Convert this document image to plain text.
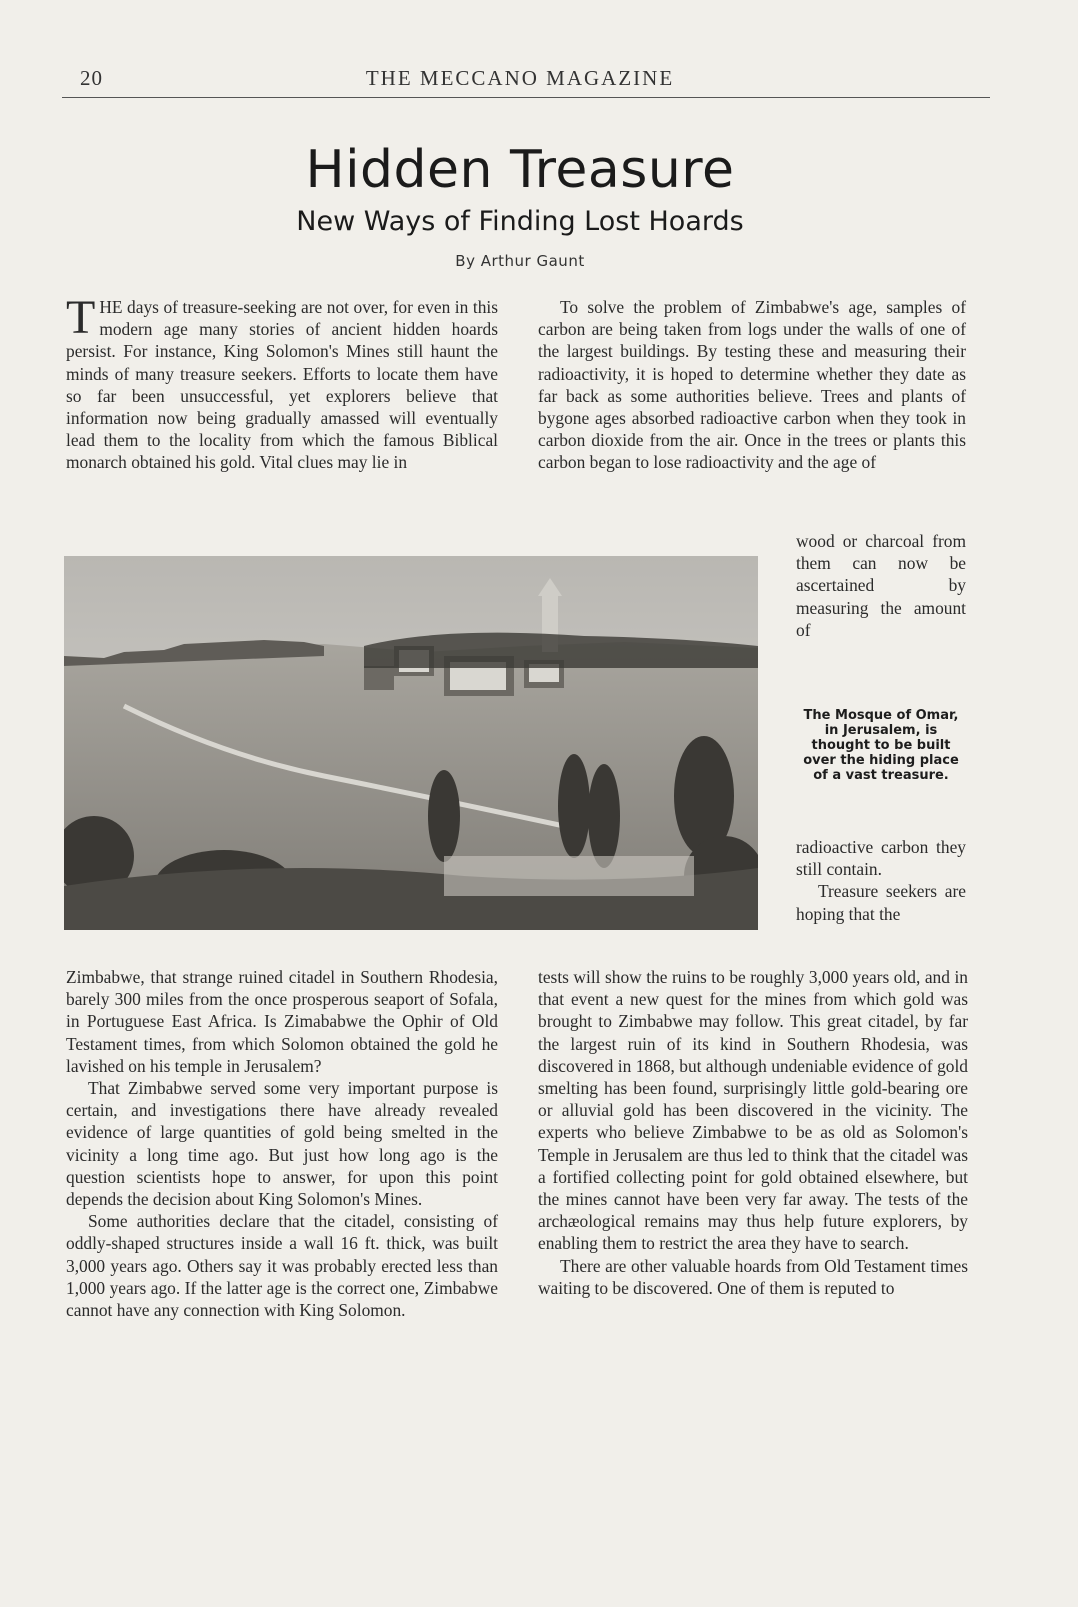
20	THE MECCANO MAGAZINE
Hidden Treasure
New Ways of Finding Lost Hoards
By Arthur Gaunt

THE days of treasure-seeking are not over, for even in this modern age many stories of ancient hidden hoards persist. For instance, King Solomon's Mines still haunt the minds of many treasure seekers. Efforts to locate them have so far been unsuccessful, yet explorers believe that information now being gradually amassed will eventually lead them to the locality from which the famous Biblical monarch obtained his gold. Vital clues may lie in

To solve the problem of Zimbabwe's age, samples of carbon are being taken from logs under the walls of one of the largest buildings. By testing these and measuring their radioactivity, it is hoped to determine whether they date as far back as some authorities believe. Trees and plants of bygone ages absorbed radioactive carbon when they took in carbon dioxide from the air. Once in the trees or plants this carbon began to lose radioactivity and the age of

wood or charcoal from them can now be ascertained by measuring the amount of

The Mosque of Omar, in Jerusalem, is thought to be built over the hiding place of a vast treasure.

radioactive carbon they still contain.

Treasure seekers are hoping that the

Zimbabwe, that strange ruined citadel in Southern Rhodesia, barely 300 miles from the once prosperous seaport of Sofala, in Portuguese East Africa. Is Zimababwe the Ophir of Old Testament times, from which Solomon obtained the gold he lavished on his temple in Jerusalem?

That Zimbabwe served some very important purpose is certain, and investigations there have already revealed evidence of large quantities of gold being smelted in the vicinity a long time ago. But just how long ago is the question scientists hope to answer, for upon this point depends the decision about King Solomon's Mines.

Some authorities declare that the citadel, consisting of oddly-shaped structures inside a wall 16 ft. thick, was built 3,000 years ago. Others say it was probably erected less than 1,000 years ago. If the latter age is the correct one, Zimbabwe cannot have any connection with King Solomon.

tests will show the ruins to be roughly 3,000 years old, and in that event a new quest for the mines from which gold was brought to Zimbabwe may follow. This great citadel, by far the largest ruin of its kind in Southern Rhodesia, was discovered in 1868, but although undeniable evidence of gold smelting has been found, surprisingly little gold-bearing ore or alluvial gold has been discovered in the vicinity. The experts who believe Zimbabwe to be as old as Solomon's Temple in Jerusalem are thus led to think that the citadel was a fortified collecting point for gold obtained elsewhere, but the mines cannot have been very far away. The tests of the archæological remains may thus help future explorers, by enabling them to restrict the area they have to search.

There are other valuable hoards from Old Testament times waiting to be discovered. One of them is reputed to
